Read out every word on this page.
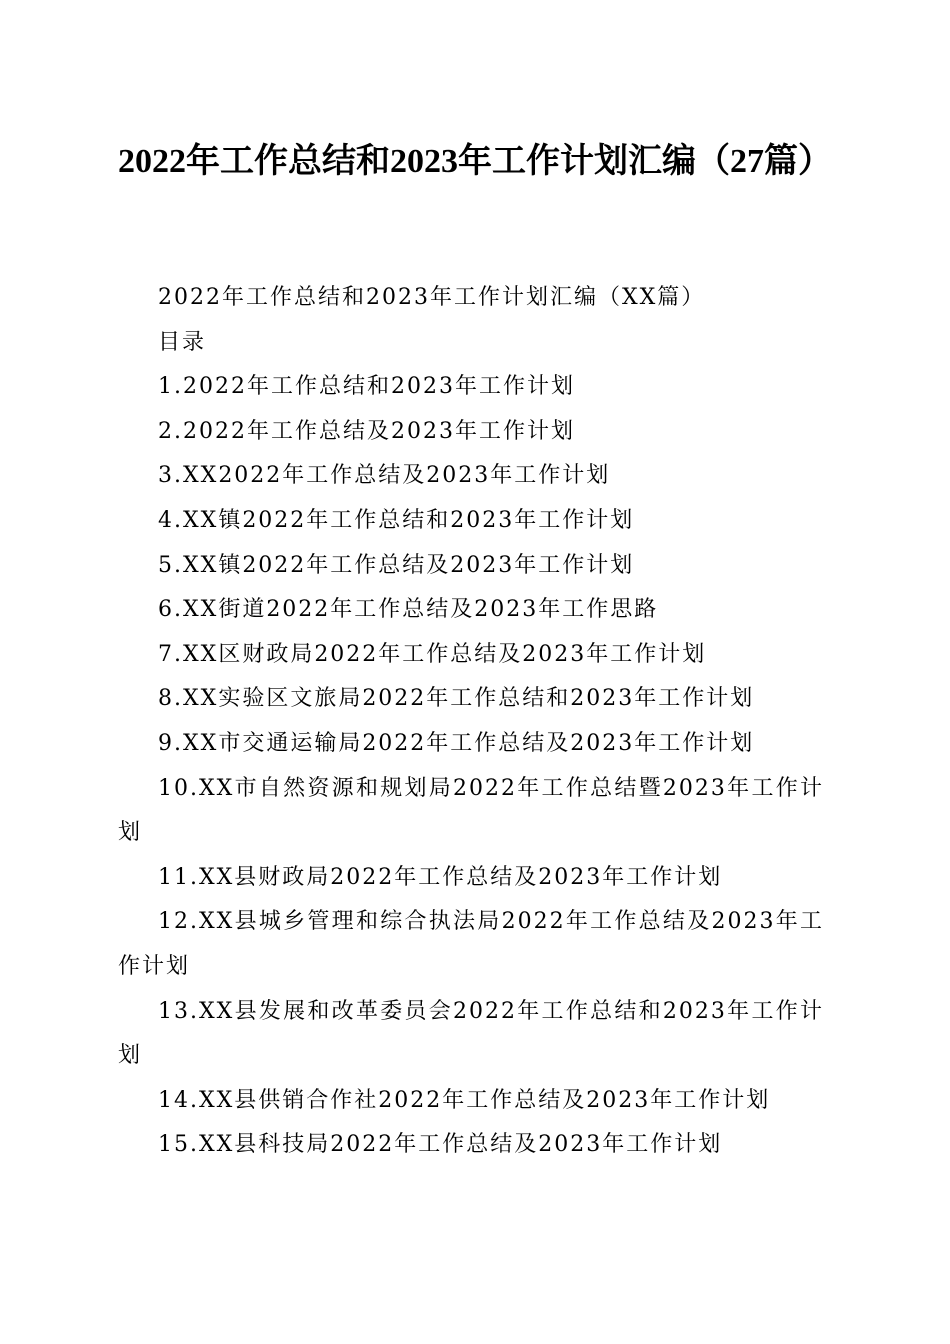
2022年工作总结和2023年工作计划汇编（27篇）

2022年工作总结和2023年工作计划汇编（XX篇）

目录

1.2022年工作总结和2023年工作计划

2.2022年工作总结及2023年工作计划

3.XX2022年工作总结及2023年工作计划

4.XX镇2022年工作总结和2023年工作计划

5.XX镇2022年工作总结及2023年工作计划

6.XX街道2022年工作总结及2023年工作思路

7.XX区财政局2022年工作总结及2023年工作计划

8.XX实验区文旅局2022年工作总结和2023年工作计划

9.XX市交通运输局2022年工作总结及2023年工作计划

10.XX市自然资源和规划局2022年工作总结暨2023年工作计划

11.XX县财政局2022年工作总结及2023年工作计划

12.XX县城乡管理和综合执法局2022年工作总结及2023年工作计划

13.XX县发展和改革委员会2022年工作总结和2023年工作计划

14.XX县供销合作社2022年工作总结及2023年工作计划

15.XX县科技局2022年工作总结及2023年工作计划
